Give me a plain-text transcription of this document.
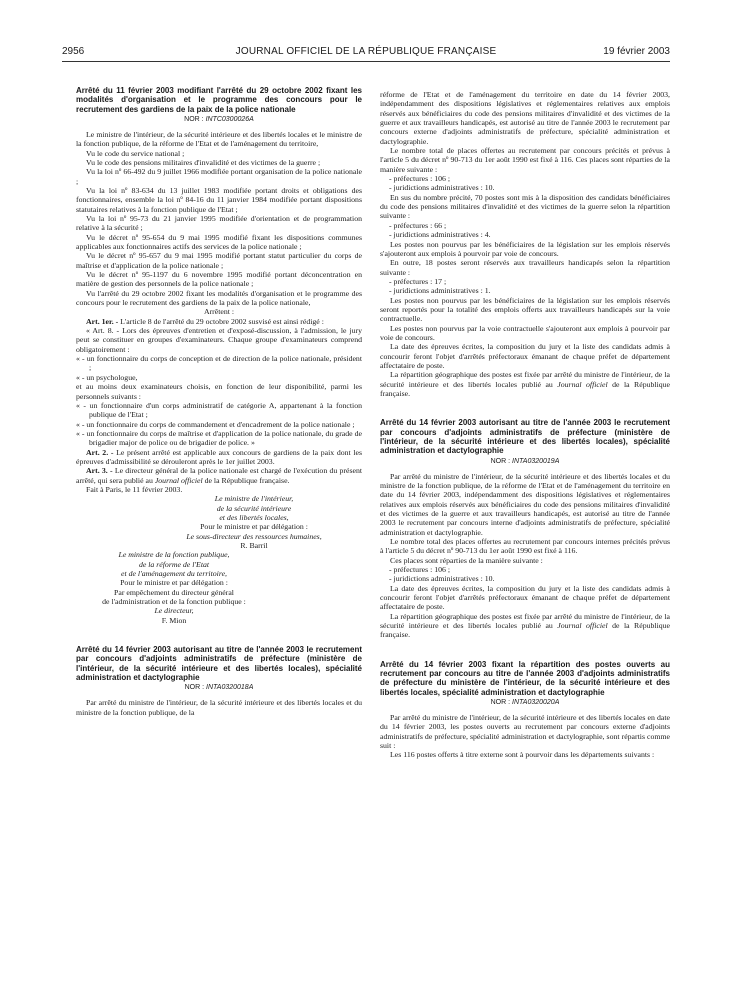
2956	JOURNAL OFFICIEL DE LA RÉPUBLIQUE FRANÇAISE	19 février 2003
Arrêté du 11 février 2003 modifiant l'arrêté du 29 octobre 2002 fixant les modalités d'organisation et le programme des concours pour le recrutement des gardiens de la paix de la police nationale
NOR : INTC0300026A

Le ministre de l'intérieur, de la sécurité intérieure et des libertés locales et le ministre de la fonction publique, de la réforme de l'Etat et de l'aménagement du territoire,

Vu le code du service national ;

Vu le code des pensions militaires d'invalidité et des victimes de la guerre ;

Vu la loi nº 66-492 du 9 juillet 1966 modifiée portant organisation de la police nationale ;

Vu la loi nº 83-634 du 13 juillet 1983 modifiée portant droits et obligations des fonctionnaires, ensemble la loi nº 84-16 du 11 janvier 1984 modifiée portant dispositions statutaires relatives à la fonction publique de l'Etat ;

Vu la loi nº 95-73 du 21 janvier 1995 modifiée d'orientation et de programmation relative à la sécurité ;

Vu le décret nº 95-654 du 9 mai 1995 modifié fixant les dispositions communes applicables aux fonctionnaires actifs des services de la police nationale ;

Vu le décret nº 95-657 du 9 mai 1995 modifié portant statut particulier du corps de maîtrise et d'application de la police nationale ;

Vu le décret nº 95-1197 du 6 novembre 1995 modifié portant déconcentration en matière de gestion des personnels de la police nationale ;

Vu l'arrêté du 29 octobre 2002 fixant les modalités d'organisation et le programme des concours pour le recrutement des gardiens de la paix de la police nationale,

Arrêtent :

Art. 1er. - L'article 8 de l'arrêté du 29 octobre 2002 susvisé est ainsi rédigé :

« Art. 8. - Lors des épreuves d'entretien et d'exposé-discussion, à l'admission, le jury peut se constituer en groupes d'examinateurs. Chaque groupe d'examinateurs comprend obligatoirement :

« - un fonctionnaire du corps de conception et de direction de la police nationale, président ;

« - un psychologue,

et au moins deux examinateurs choisis, en fonction de leur disponibilité, parmi les personnels suivants :

« - un fonctionnaire d'un corps administratif de catégorie A, appartenant à la fonction publique de l'Etat ;

« - un fonctionnaire du corps de commandement et d'encadrement de la police nationale ;

« - un fonctionnaire du corps de maîtrise et d'application de la police nationale, du grade de brigadier major de police ou de brigadier de police. »

Art. 2. - Le présent arrêté est applicable aux concours de gardiens de la paix dont les épreuves d'admissibilité se dérouleront après le 1er juillet 2003.

Art. 3. - Le directeur général de la police nationale est chargé de l'exécution du présent arrêté, qui sera publié au Journal officiel de la République française.

Fait à Paris, le 11 février 2003.

Le ministre de l'intérieur,

de la sécurité intérieure

et des libertés locales,

Pour le ministre et par délégation :

Le sous-directeur des ressources humaines,

R. Barril

Le ministre de la fonction publique,

de la réforme de l'Etat

et de l'aménagement du territoire,

Pour le ministre et par délégation :

Par empêchement du directeur général

de l'administration et de la fonction publique :

Le directeur,

F. Mion

Arrêté du 14 février 2003 autorisant au titre de l'année 2003 le recrutement par concours d'adjoints administratifs de préfecture (ministère de l'intérieur, de la sécurité intérieure et des libertés locales), spécialité administration et dactylographie
NOR : INTA0320018A

Par arrêté du ministre de l'intérieur, de la sécurité intérieure et des libertés locales et du ministre de la fonction publique, de la

réforme de l'Etat et de l'aménagement du territoire en date du 14 février 2003, indépendamment des dispositions législatives et réglementaires relatives aux emplois réservés aux bénéficiaires du code des pensions militaires d'invalidité et des victimes de la guerre et aux travailleurs handicapés, est autorisé au titre de l'année 2003 le recrutement par concours externe d'adjoints administratifs de préfecture, spécialité administration et dactylographie.

Le nombre total de places offertes au recrutement par concours précités et prévus à l'article 5 du décret nº 90-713 du 1er août 1990 est fixé à 116. Ces places sont réparties de la manière suivante :

- préfectures : 106 ;

- juridictions administratives : 10.

En sus du nombre précité, 70 postes sont mis à la disposition des candidats bénéficiaires du code des pensions militaires d'invalidité et des victimes de la guerre selon la répartition suivante :

- préfectures : 66 ;

- juridictions administratives : 4.

Les postes non pourvus par les bénéficiaires de la législation sur les emplois réservés s'ajouteront aux emplois à pourvoir par voie de concours.

En outre, 18 postes seront réservés aux travailleurs handicapés selon la répartition suivante :

- préfectures : 17 ;

- juridictions administratives : 1.

Les postes non pourvus par les bénéficiaires de la législation sur les emplois réservés seront reportés pour la totalité des emplois offerts aux travailleurs handicapés sur la voie contractuelle.

Les postes non pourvus par la voie contractuelle s'ajouteront aux emplois à pourvoir par voie de concours.

La date des épreuves écrites, la composition du jury et la liste des candidats admis à concourir feront l'objet d'arrêtés préfectoraux émanant de chaque préfet de département affectataire de poste.

La répartition géographique des postes est fixée par arrêté du ministre de l'intérieur, de la sécurité intérieure et des libertés locales publié au Journal officiel de la République française.

Arrêté du 14 février 2003 autorisant au titre de l'année 2003 le recrutement par concours d'adjoints administratifs de préfecture (ministère de l'intérieur, de la sécurité intérieure et des libertés locales), spécialité administration et dactylographie
NOR : INTA0320019A

Par arrêté du ministre de l'intérieur, de la sécurité intérieure et des libertés locales et du ministre de la fonction publique, de la réforme de l'Etat et de l'aménagement du territoire en date du 14 février 2003, indépendamment des dispositions législatives et réglementaires relatives aux emplois réservés aux bénéficiaires du code des pensions militaires d'invalidité et des victimes de la guerre et aux travailleurs handicapés, est autorisé au titre de l'année 2003 le recrutement par concours interne d'adjoints administratifs de préfecture, spécialité administration et dactylographie.

Le nombre total des places offertes au recrutement par concours internes précités prévus à l'article 5 du décret nº 90-713 du 1er août 1990 est fixé à 116.

Ces places sont réparties de la manière suivante :

- préfectures : 106 ;

- juridictions administratives : 10.

La date des épreuves écrites, la composition du jury et la liste des candidats admis à concourir feront l'objet d'arrêtés préfectoraux émanant de chaque préfet de département affectataire de poste.

La répartition géographique des postes est fixée par arrêté du ministre de l'intérieur, de la sécurité intérieure et des libertés locales publié au Journal officiel de la République française.

Arrêté du 14 février 2003 fixant la répartition des postes ouverts au recrutement par concours au titre de l'année 2003 d'adjoints administratifs de préfecture du ministère de l'intérieur, de la sécurité intérieure et des libertés locales, spécialité administration et dactylographie
NOR : INTA0320020A

Par arrêté du ministre de l'intérieur, de la sécurité intérieure et des libertés locales en date du 14 février 2003, les postes ouverts au recrutement par concours externe d'adjoints administratifs de préfecture, spécialité administration et dactylographie, sont répartis comme suit :

Les 116 postes offerts à titre externe sont à pourvoir dans les départements suivants :
